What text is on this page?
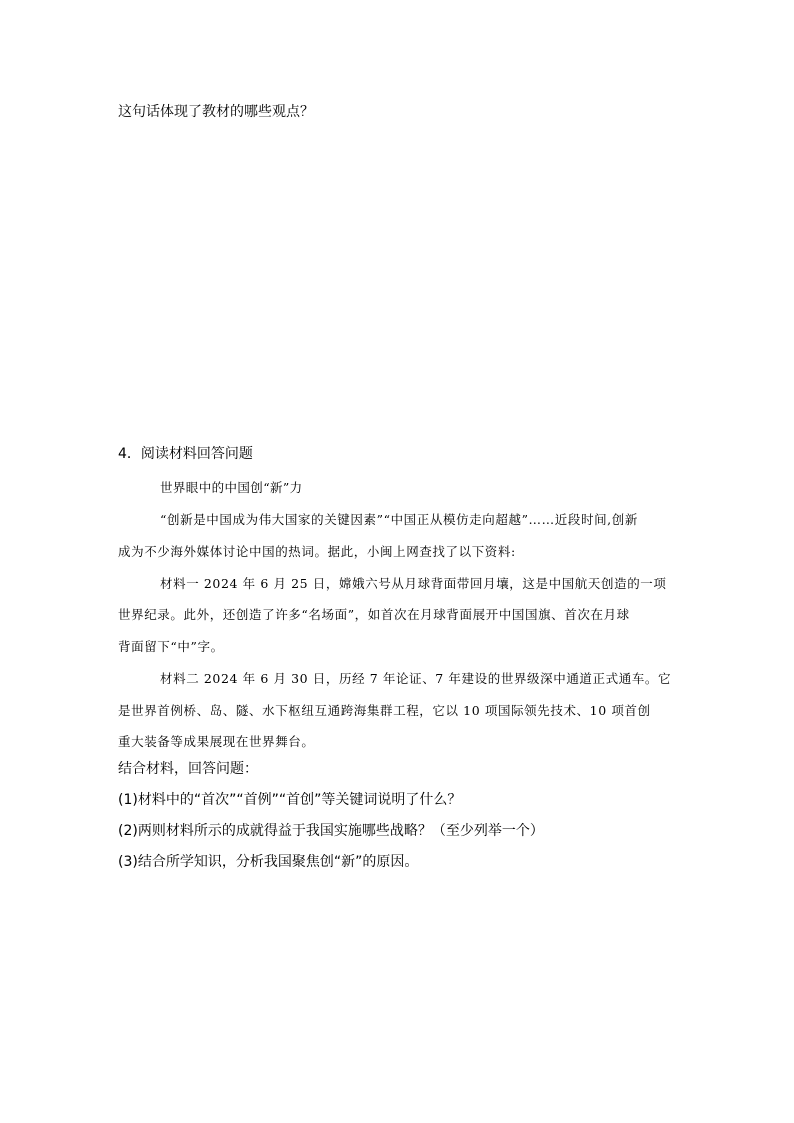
这句话体现了教材的哪些观点？

4．阅读材料回答问题

世界眼中的中国创“新”力

“创新是中国成为伟大国家的关键因素”“中国正从模仿走向超越”……近段时间,创新

成为不少海外媒体讨论中国的热词。据此，小闽上网查找了以下资料:

材料一 2024 年 6 月 25 日，嫦娥六号从月球背面带回月壤，这是中国航天创造的一项

世界纪录。此外，还创造了许多“名场面”，如首次在月球背面展开中国国旗、首次在月球

背面留下“中”字。

材料二 2024 年 6 月 30 日，历经 7 年论证、7 年建设的世界级深中通道正式通车。它

是世界首例桥、岛、隧、水下枢纽互通跨海集群工程，它以 10 项国际领先技术、10 项首创

重大装备等成果展现在世界舞台。

结合材料，回答问题：

(1)材料中的“首次”“首例”“首创”等关键词说明了什么？

(2)两则材料所示的成就得益于我国实施哪些战略？（至少列举一个）

(3)结合所学知识，分析我国聚焦创“新”的原因。
